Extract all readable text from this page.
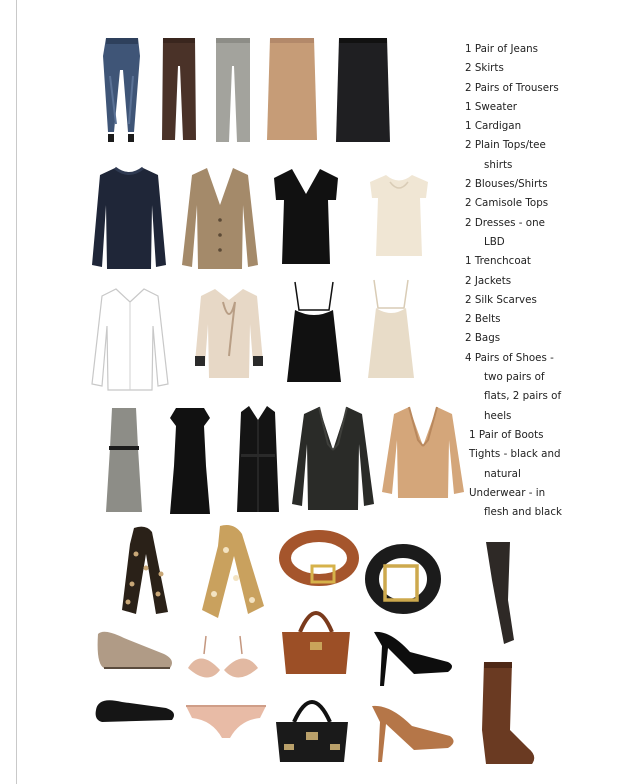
1 Pair of Jeans
2 Skirts
2 Pairs of Trousers
1 Sweater
1 Cardigan
2 Plain Tops/tee
shirts
2 Blouses/Shirts
2 Camisole Tops
2 Dresses - one
LBD
1 Trenchcoat
2 Jackets
2 Silk Scarves
2 Belts
2 Bags
4 Pairs of Shoes -
two pairs of
flats, 2 pairs of
heels
1 Pair of Boots
Tights - black and
natural
Underwear - in
flesh and black
